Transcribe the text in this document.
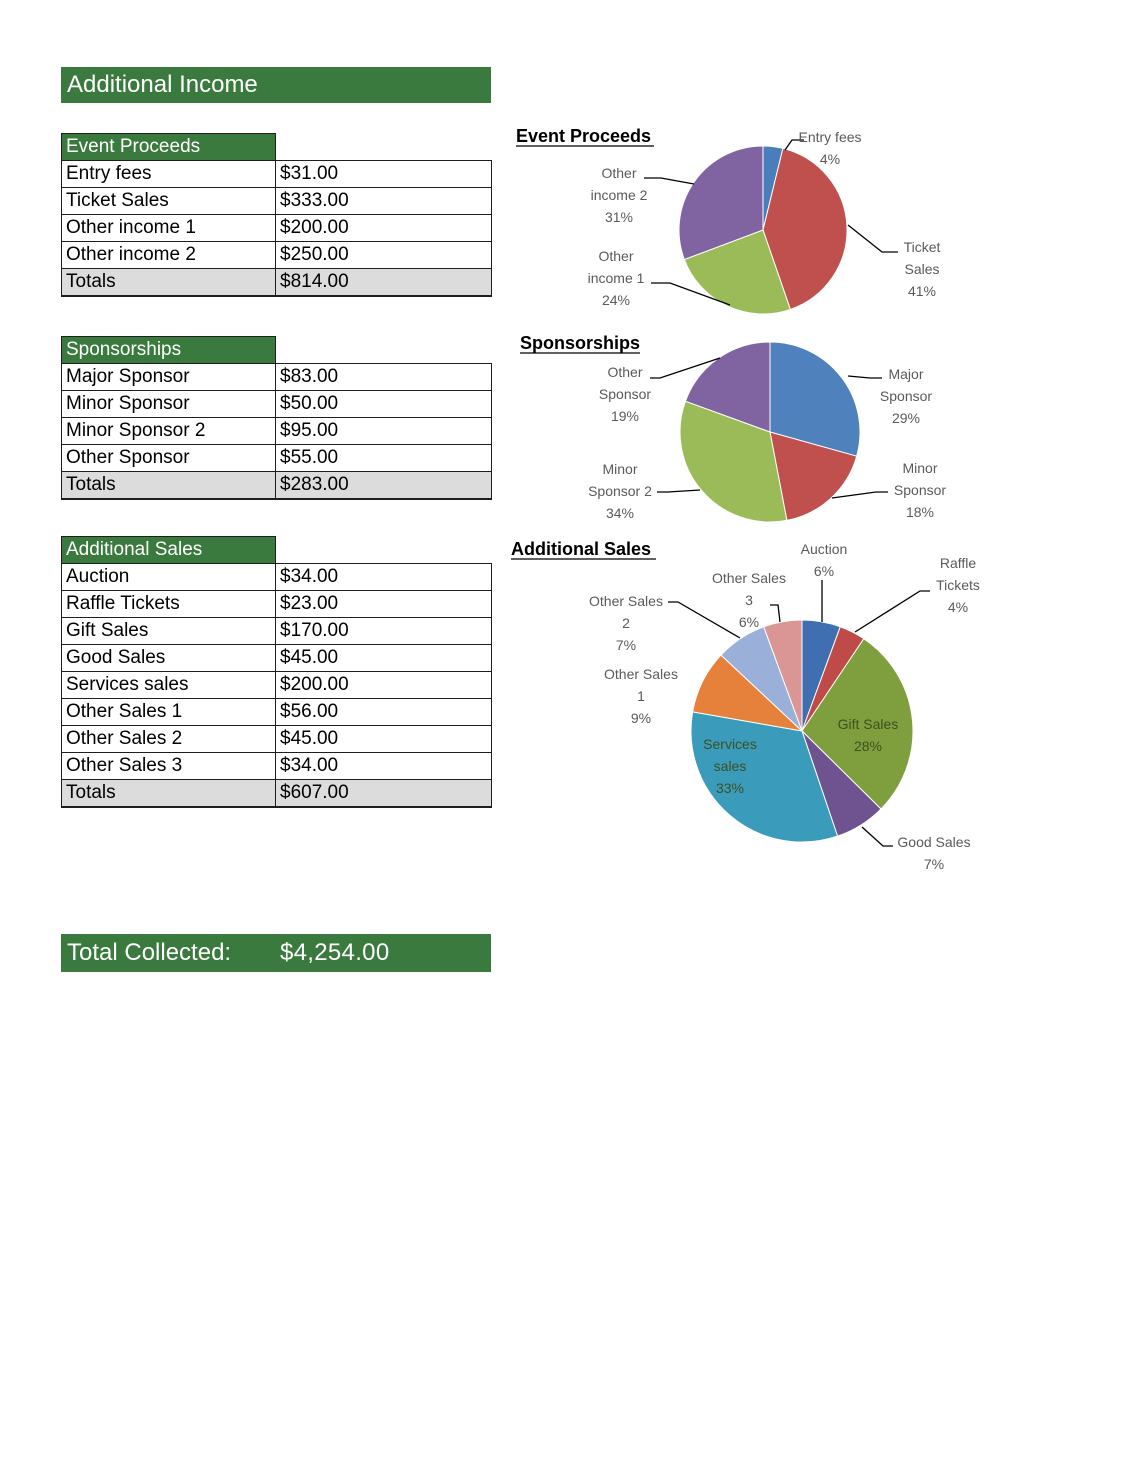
Additional Income
Event Proceeds	
Entry fees	$31.00
Ticket Sales	$333.00
Other income 1	$200.00
Other income 2	$250.00
Totals	$814.00
Sponsorships	
Major Sponsor	$83.00
Minor Sponsor	$50.00
Minor Sponsor 2	$95.00
Other Sponsor	$55.00
Totals	$283.00
Additional Sales	
Auction	$34.00
Raffle Tickets	$23.00
Gift Sales	$170.00
Good Sales	$45.00
Services sales	$200.00
Other Sales 1	$56.00
Other Sales 2	$45.00
Other Sales 3	$34.00
Totals	$607.00
Total Collected:	$4,254.00
Event Proceeds	Entry fees 4%
Ticket Sales 41%
Other income 1 24%
Other income 2 31%
Sponsorships
Major Sponsor 29%
Minor Sponsor 18%
Minor Sponsor 2 34%
Other Sponsor 19%
Additional Sales	Auction 6%	Raffle Tickets 4%
Gift Sales 28%
Good Sales 7%
Services sales 33%
Other Sales 1 9%
Other Sales 2 7%
Other Sales 3 6%
